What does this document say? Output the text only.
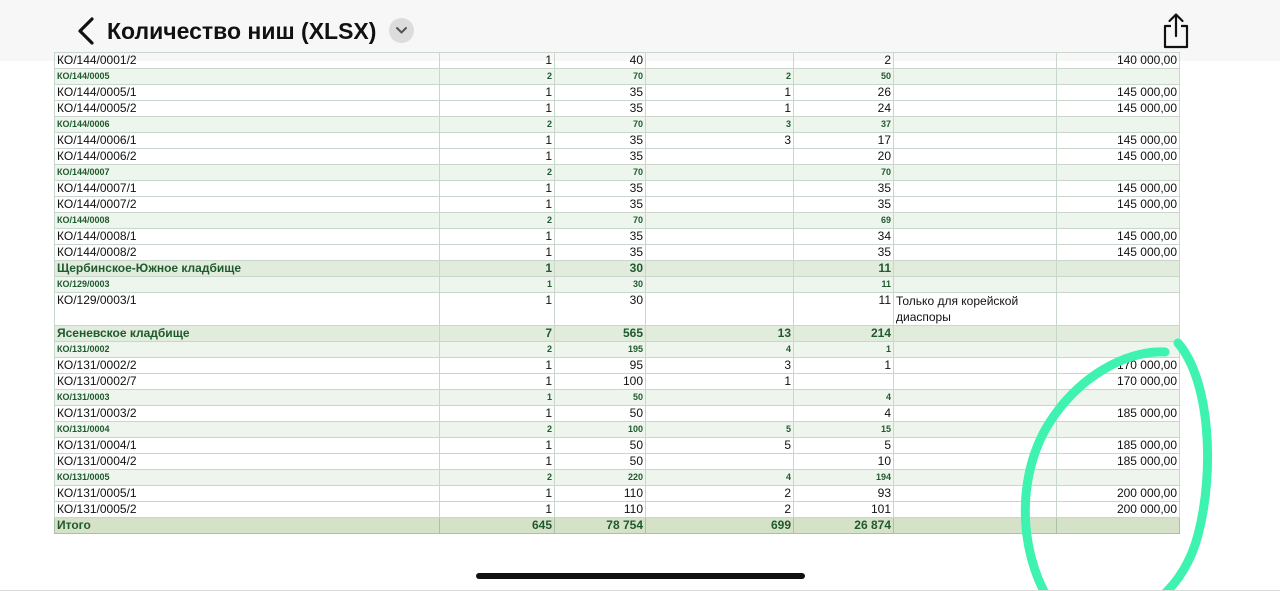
Количество ниш (XLSX)
КО/144/0001/2	1	40		2		140 000,00
КО/144/0005	2	70	2	50		
КО/144/0005/1	1	35	1	26		145 000,00
КО/144/0005/2	1	35	1	24		145 000,00
КО/144/0006	2	70	3	37		
КО/144/0006/1	1	35	3	17		145 000,00
КО/144/0006/2	1	35		20		145 000,00
КО/144/0007	2	70		70		
КО/144/0007/1	1	35		35		145 000,00
КО/144/0007/2	1	35		35		145 000,00
КО/144/0008	2	70		69		
КО/144/0008/1	1	35		34		145 000,00
КО/144/0008/2	1	35		35		145 000,00
Щербинское-Южное кладбище	1	30		11		
КО/129/0003	1	30		11		
КО/129/0003/1	1	30		11	Только для корейской диаспоры	
Ясеневское кладбище	7	565	13	214		
КО/131/0002	2	195	4	1		
КО/131/0002/2	1	95	3	1		170 000,00
КО/131/0002/7	1	100	1			170 000,00
КО/131/0003	1	50		4		
КО/131/0003/2	1	50		4		185 000,00
КО/131/0004	2	100	5	15		
КО/131/0004/1	1	50	5	5		185 000,00
КО/131/0004/2	1	50		10		185 000,00
КО/131/0005	2	220	4	194		
КО/131/0005/1	1	110	2	93		200 000,00
КО/131/0005/2	1	110	2	101		200 000,00
Итого	645	78 754	699	26 874		
